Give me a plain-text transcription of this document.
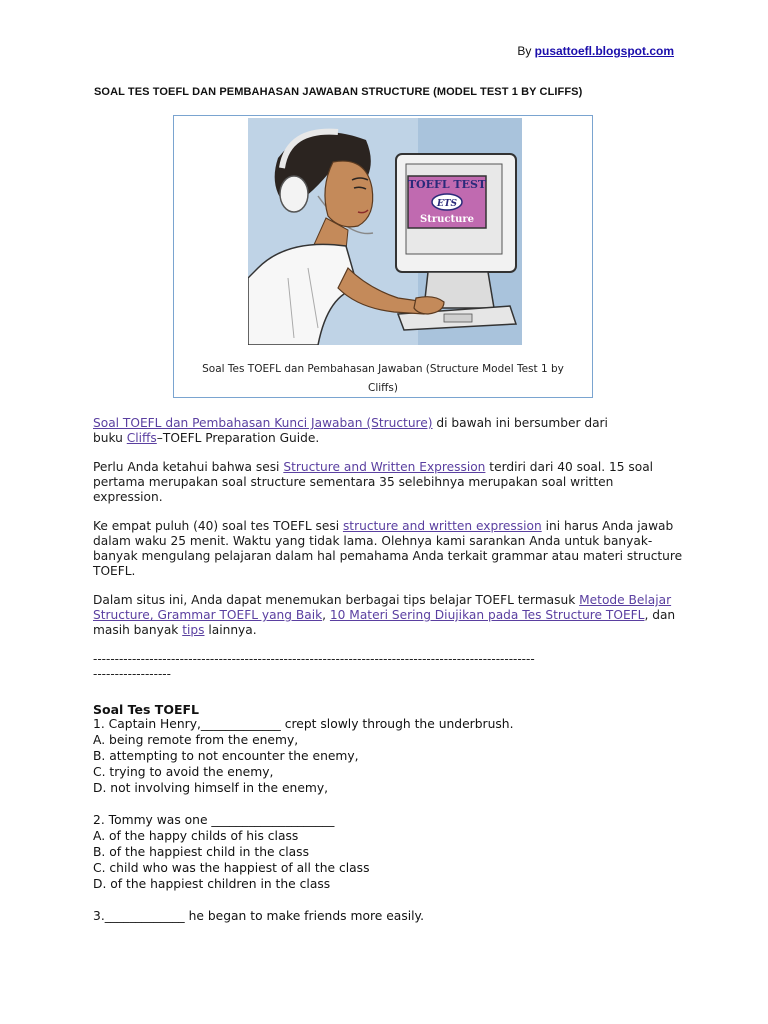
By pusattoefl.blogspot.com
SOAL TES TOEFL DAN PEMBAHASAN JAWABAN STRUCTURE (MODEL TEST 1 BY CLIFFS)
TOEFL TEST
ETS
Structure
Soal Tes TOEFL dan Pembahasan Jawaban (Structure Model Test 1 by
Cliffs)
Soal TOEFL dan Pembahasan Kunci Jawaban (Structure) di bawah ini bersumber dari
buku Cliffs–TOEFL Preparation Guide.
Perlu Anda ketahui bahwa sesi Structure and Written Expression terdiri dari 40 soal. 15 soal pertama merupakan soal structure sementara 35 selebihnya merupakan soal written expression.
Ke empat puluh (40) soal tes TOEFL sesi structure and written expression ini harus Anda jawab dalam waku 25 menit. Waktu yang tidak lama. Olehnya kami sarankan Anda untuk banyak-banyak mengulang pelajaran dalam hal pemahama Anda terkait grammar atau materi structure TOEFL.
Dalam situs ini, Anda dapat menemukan berbagai tips belajar TOEFL termasuk Metode Belajar Structure, Grammar TOEFL yang Baik, 10 Materi Sering Diujikan pada Tes Structure TOEFL, dan masih banyak tips lainnya.
------------------------------------------------------------------------------------------------------
------------------
Soal Tes TOEFL
1. Captain Henry,_____________ crept slowly through the underbrush.
A. being remote from the enemy,
B. attempting to not encounter the enemy,
C. trying to avoid the enemy,
D. not involving himself in the enemy,
2. Tommy was one ____________________
A. of the happy childs of his class
B. of the happiest child in the class
C. child who was the happiest of all the class
D. of the happiest children in the class
3._____________ he began to make friends more easily.
